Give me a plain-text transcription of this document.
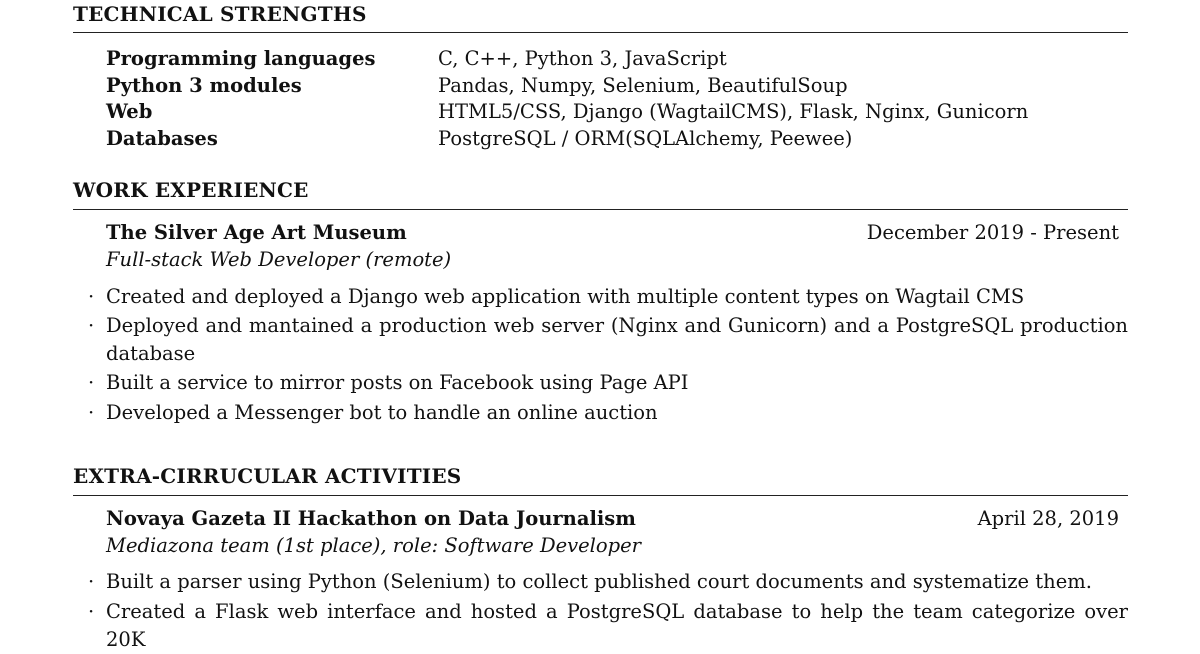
TECHNICAL STRENGTHS
Programming languages	C, C++, Python 3, JavaScript
Python 3 modules	Pandas, Numpy, Selenium, BeautifulSoup
Web	HTML5/CSS, Django (WagtailCMS), Flask, Nginx, Gunicorn
Databases	PostgreSQL / ORM(SQLAlchemy, Peewee)
WORK EXPERIENCE
The Silver Age Art Museum	December 2019 - Present
Full-stack Web Developer (remote)
· Created and deployed a Django web application with multiple content types on Wagtail CMS
· Deployed and mantained a production web server (Nginx and Gunicorn) and a PostgreSQL production database
· Built a service to mirror posts on Facebook using Page API
· Developed a Messenger bot to handle an online auction
EXTRA-CIRRUCULAR ACTIVITIES
Novaya Gazeta II Hackathon on Data Journalism	April 28, 2019
Mediazona team (1st place), role: Software Developer
· Built a parser using Python (Selenium) to collect published court documents and systematize them.
· Created a Flask web interface and hosted a PostgreSQL database to help the team categorize over 20K
